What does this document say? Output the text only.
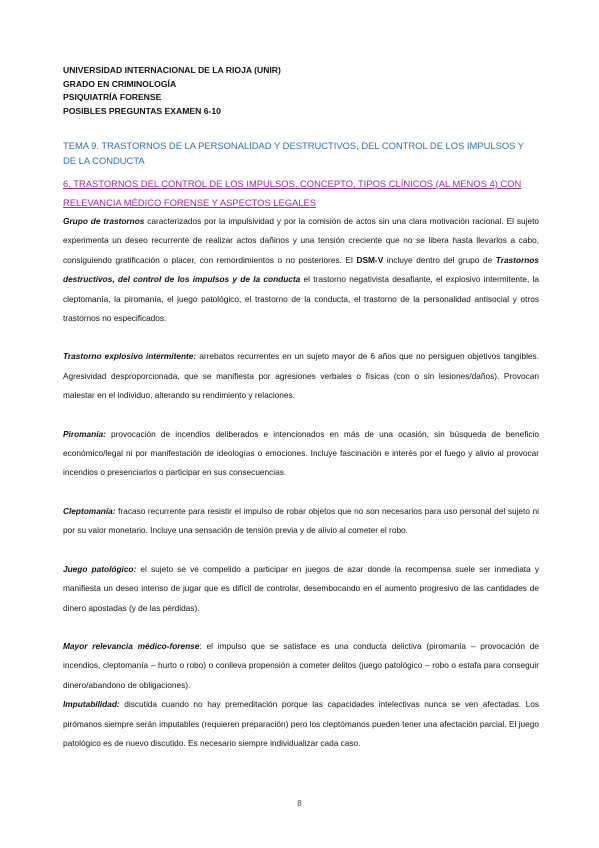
UNIVERSIDAD INTERNACIONAL DE LA RIOJA (UNIR)

GRADO EN CRIMINOLOGÍA

PSIQUIATRÍA FORENSE

POSIBLES PREGUNTAS EXAMEN 6-10

TEMA 9. TRASTORNOS DE LA PERSONALIDAD Y DESTRUCTIVOS, DEL CONTROL DE LOS IMPULSOS Y DE LA CONDUCTA
6. TRASTORNOS DEL CONTROL DE LOS IMPULSOS. CONCEPTO, TIPOS CLÍNICOS (AL MENOS 4) CON RELEVANCIA MÉDICO FORENSE Y ASPECTOS LEGALES

Grupo de trastornos caracterizados por la impulsividad y por la comisión de actos sin una clara motivación racional. El sujeto experimenta un deseo recurrente de realizar actos dañinos y una tensión creciente que no se libera hasta llevarlos a cabo, consiguiendo gratificación o placer, con remordimientos o no posteriores. El DSM-V incluye dentro del grupo de Trastornos destructivos, del control de los impulsos y de la conducta el trastorno negativista desafiante, el explosivo intermitente, la cleptomanía, la piromanía, el juego patológico, el trastorno de la conducta, el trastorno de la personalidad antisocial y otros trastornos no especificados.

Trastorno explosivo intermitente: arrebatos recurrentes en un sujeto mayor de 6 años que no persiguen objetivos tangibles. Agresividad desproporcionada, que se manifiesta por agresiones verbales o físicas (con o sin lesiones/daños). Provocan malestar en el individuo, alterando su rendimiento y relaciones.

Piromanía: provocación de incendios deliberados e intencionados en más de una ocasión, sin búsqueda de beneficio económico/legal ni por manifestación de ideologías o emociones. Incluye fascinación e interés por el fuego y alivio al provocar incendios o presenciarlos o participar en sus consecuencias.

Cleptomanía: fracaso recurrente para resistir el impulso de robar objetos que no son necesarios para uso personal del sujeto ni por su valor monetario. Incluye una sensación de tensión previa y de alivio al cometer el robo.

Juego patológico: el sujeto se ve compelido a participar en juegos de azar donde la recompensa suele ser inmediata y manifiesta un deseo intenso de jugar que es difícil de controlar, desembocando en el aumento progresivo de las cantidades de dinero apostadas (y de las pérdidas).

Mayor relevancia médico-forense: el impulso que se satisface es una conducta delictiva (piromanía – provocación de incendios, cleptomanía – hurto o robo) o conlleva propensión a cometer delitos (juego patológico – robo o estafa para conseguir dinero/abandono de obligaciones).

Imputabilidad: discutida cuando no hay premeditación porque las capacidades intelectivas nunca se ven afectadas. Los pirómanos siempre serán imputables (requieren preparación) pero los cleptómanos pueden tener una afectación parcial. El juego patológico es de nuevo discutido. Es necesario siempre individualizar cada caso.

8
